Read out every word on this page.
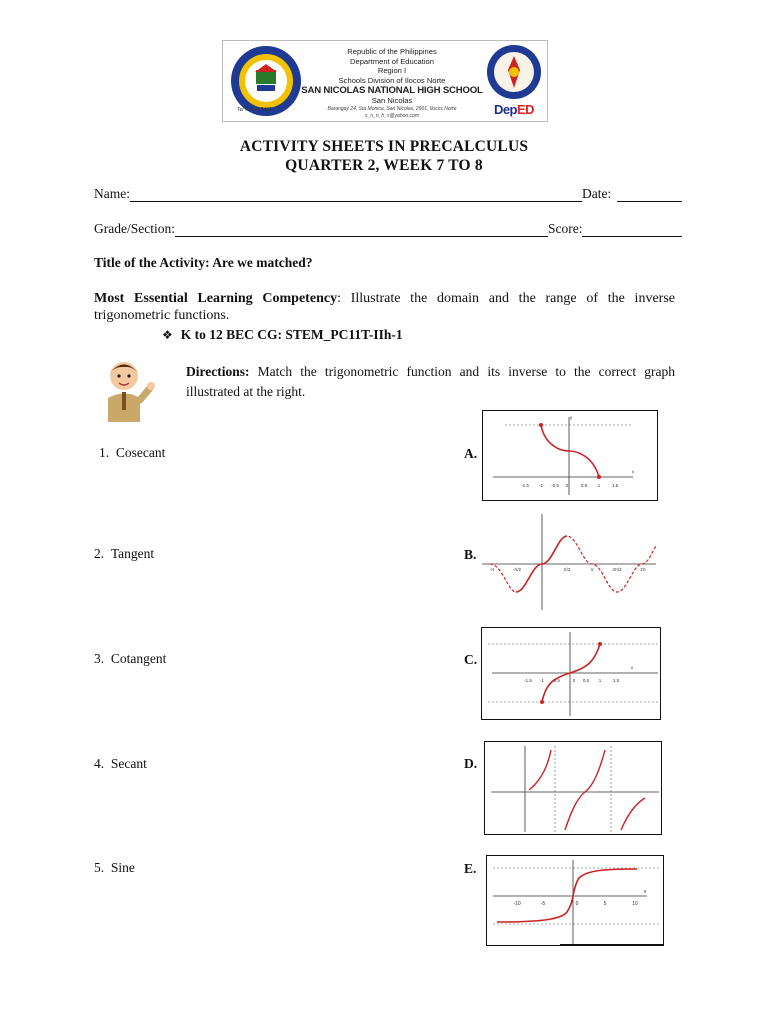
Tel #: 670-7405
Republic of the Philippines
Department of Education
Region I
Schools Division of Ilocos Norte
SAN NICOLAS NATIONAL HIGH SCHOOL
San Nicolas
Barangay 24, Sta Monica, San Nicolas, 2901, Ilocos Norte
s_n_n_h_s@yahoo.com	DepED
ACTIVITY SHEETS IN PRECALCULUS
QUARTER 2, WEEK 7 TO 8
Name:	Date:
Grade/Section:	Score:
Title of the Activity: Are we matched?
Most Essential Learning Competency: Illustrate the domain and the range of the inverse trigonometric functions.
❖ K to 12 BEC CG: STEM_PC11T-IIh-1
Directions: Match the trigonometric function and its inverse to the correct graph illustrated at the right.
1. Cosecant
2. Tangent
3. Cotangent
4. Secant
5. Sine
A.
B.
C.
D.
E.
-1.5 -1 -0.5 0	0.5 1	1.5
x
y
-π	-π/2	π/2	π	3π/2	2π
-1.5 -1 -0.5	0 0.5 1	1.5
x
-10	-5	0	5	10
x
